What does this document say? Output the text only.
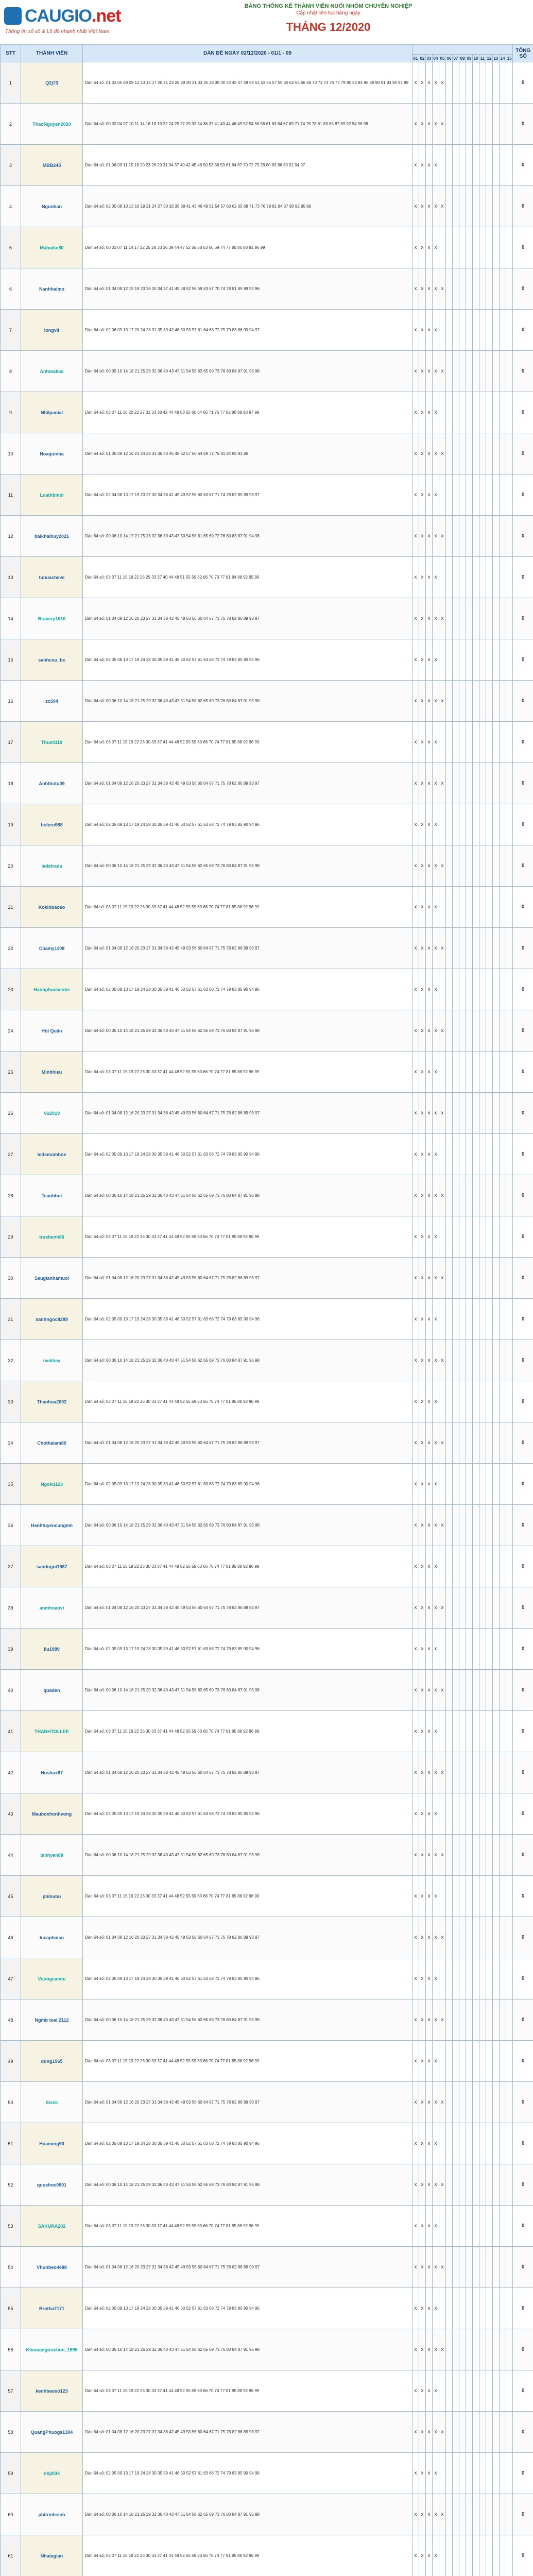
CAUGIO.net
Thông tin xổ số & Lô đề nhanh nhất Việt Nam
BẢNG THỐNG KÊ THÀNH VIÊN NUÔI NHÓM CHUYÊN NGHIỆP
Cập nhật liên tục hàng ngày
THÁNG 12/2020
STT	THÀNH VIÊN	DÀN ĐỀ NGÀY 02/12/2020 - 01/1 - 09																TỔNG SỐ
			01	02	03	04	05	06	07	08	09	10	11	12	13	14	15	
1	Q2j73	Dàn 64 số: 01 03 05 08 09 12 13 15 17 20 21 23 26 28 30 31 33 35 38 39 40 42 45 47 48 50 51 53 55 57 59 60 62 65 66 68 70 72 73 75 77 79 80 82 84 86 88 90 91 93 95 97 99	x	x	x	x	x											0
2	ThaoNguyen2020	Dàn 64 số: 00 02 04 07 10 11 14 16 18 19 22 24 25 27 29 32 34 36 37 41 43 44 46 49 52 54 56 58 61 63 64 67 69 71 74 76 78 81 83 85 87 89 92 94 96 98	x	x	x	x	x											0
3	MBB245	Dàn 64 số: 01 06 09 11 15 18 20 23 26 29 31 34 37 40 42 45 48 50 53 56 59 61 64 67 70 72 75 78 80 83 86 89 91 94 97	x	x	x	x												0
4	Ngunhan	Dàn 64 số: 02 05 08 10 13 16 19 21 24 27 30 32 35 38 41 43 46 49 51 54 57 60 62 65 68 71 73 76 79 81 84 87 90 92 95 98	x	x	x	x	x											0
5	Mabuike80	Dàn 64 số: 00 03 07 11 14 17 22 25 28 33 36 39 44 47 52 55 58 63 66 69 74 77 80 85 88 91 96 99	x	x	x	x												0
6	Nanhhaimo	Dàn 64 số: 01 04 08 12 15 19 23 26 30 34 37 41 45 48 52 56 59 63 67 70 74 78 81 85 89 92 96	x	x	x	x	x											0
7	longvit	Dàn 64 số: 02 06 09 13 17 20 24 28 31 35 39 42 46 50 53 57 61 64 68 72 75 79 83 86 90 94 97	x	x	x	x												0
8	Anhmatkai	Dàn 64 số: 00 05 10 14 18 21 25 29 32 36 40 43 47 51 54 58 62 65 69 73 76 80 84 87 91 95 98	x	x	x	x	x											0
9	Nhilpanial	Dàn 64 số: 03 07 11 16 20 22 27 31 33 38 42 44 49 53 55 60 64 66 71 75 77 82 86 88 93 97 99	x	x	x	x												0
10	Hoaquinha	Dàn 64 số: 01 05 09 12 16 21 24 28 33 36 40 45 48 52 57 60 64 69 72 76 81 84 88 93 96	x	x	x	x	x											0
11	Luathbinol	Dàn 64 số: 02 04 08 13 17 19 23 27 30 34 38 41 45 49 52 56 60 63 67 71 74 78 82 85 89 93 97	x	x	x	x												0
12	baikhaihuy2021	Dàn 64 số: 00 06 10 14 17 21 25 28 32 36 39 43 47 50 54 58 61 65 69 72 76 80 83 87 91 94 98	x	x	x	x	x											0
13	tunuacheve	Dàn 64 số: 03 07 11 15 18 22 26 29 33 37 40 44 48 51 55 59 62 66 70 73 77 81 84 88 92 95 99	x	x	x	x												0
14	Bravery1510	Dàn 64 số: 01 04 09 12 16 20 23 27 31 34 38 42 45 49 53 56 60 64 67 71 75 78 82 86 89 93 97	x	x	x	x	x											0
15	sanhcuu_bc	Dàn 64 số: 02 05 08 13 17 19 24 28 30 35 39 41 46 50 52 57 61 63 68 72 74 79 83 85 90 94 96	x	x	x	x												0
16	zc694	Dàn 64 số: 00 06 10 14 18 21 25 29 32 36 40 43 47 51 54 58 62 65 69 73 76 80 84 87 91 95 98	x	x	x	x	x											0
17	Thue0119	Dàn 64 số: 03 07 11 15 19 22 26 30 33 37 41 44 48 52 55 59 63 66 70 74 77 81 85 88 92 96 99	x	x	x	x												0
18	Anhthotu09	Dàn 64 số: 01 04 08 12 16 20 23 27 31 34 38 42 45 49 53 56 60 64 67 71 75 78 82 86 89 93 97	x	x	x	x	x											0
19	bolero988	Dàn 64 số: 02 05 09 13 17 19 24 28 30 35 39 41 46 50 52 57 61 63 68 72 74 79 83 85 90 94 96	x	x	x	x												0
20	ladetrada	Dàn 64 số: 00 06 10 14 18 21 25 29 32 36 40 43 47 51 54 58 62 65 69 73 76 80 84 87 91 95 98	x	x	x	x	x											0
21	Kokinbaoso	Dàn 64 số: 03 07 11 15 19 22 26 30 33 37 41 44 48 52 55 59 63 66 70 74 77 81 85 88 92 96 99	x	x	x	x												0
22	Chamy1108	Dàn 64 số: 01 04 08 12 16 20 23 27 31 34 38 42 45 49 53 56 60 64 67 71 75 78 82 86 89 93 97	x	x	x	x	x											0
23	Hanhphucbenhe	Dàn 64 số: 02 05 09 13 17 19 24 28 30 35 39 41 46 50 52 57 61 63 68 72 74 79 83 85 90 94 96	x	x	x	x												0
24	Hồi Quân	Dàn 64 số: 00 06 10 14 18 21 25 29 32 36 40 43 47 51 54 58 62 65 69 73 76 80 84 87 91 95 98	x	x	x	x	x											0
25	Minhhieu	Dàn 64 số: 03 07 11 15 19 22 26 30 33 37 41 44 48 52 55 59 63 66 70 74 77 81 85 88 92 96 99	x	x	x	x												0
26	Vu2019	Dàn 64 số: 01 04 08 12 16 20 23 27 31 34 38 42 45 49 53 56 60 64 67 71 75 78 82 86 89 93 97	x	x	x	x	x											0
27	tedsmomboe	Dàn 64 số: 02 05 09 13 17 19 24 28 30 35 39 41 46 50 52 57 61 63 68 72 74 79 83 85 90 94 96	x	x	x	x												0
28	Teanhhoi	Dàn 64 số: 00 06 10 14 18 21 25 29 32 36 40 43 47 51 54 58 62 65 69 73 76 80 84 87 91 95 98	x	x	x	x	x											0
29	truebenh86	Dàn 64 số: 03 07 11 15 19 22 26 30 33 37 41 44 48 52 55 59 63 66 70 74 77 81 85 88 92 96 99	x	x	x	x												0
30	Saugianhamuoi	Dàn 64 số: 01 04 08 12 16 20 23 27 31 34 38 42 45 49 53 56 60 64 67 71 75 78 82 86 89 93 97	x	x	x	x	x											0
31	sanhngoc8289	Dàn 64 số: 02 05 09 13 17 19 24 28 30 35 39 41 46 50 52 57 61 63 68 72 74 79 83 85 90 94 96	x	x	x	x												0
32	mekhay	Dàn 64 số: 00 06 10 14 18 21 25 29 32 36 40 43 47 51 54 58 62 65 69 73 76 80 84 87 91 95 98	x	x	x	x	x											0
33	Thanhoa2002	Dàn 64 số: 03 07 11 15 19 22 26 30 33 37 41 44 48 52 55 59 63 66 70 74 77 81 85 88 92 96 99	x	x	x	x												0
34	Chothalam80	Dàn 64 số: 01 04 08 12 16 20 23 27 31 34 38 42 45 49 53 56 60 64 67 71 75 78 82 86 89 93 97	x	x	x	x	x											0
35	Ngoku123	Dàn 64 số: 02 05 09 13 17 19 24 28 30 35 39 41 46 50 52 57 61 63 68 72 74 79 83 85 90 94 96	x	x	x	x												0
36	Hanhtuyencungem	Dàn 64 số: 00 06 10 14 18 21 25 29 32 36 40 43 47 51 54 58 62 65 69 73 76 80 84 87 91 95 98	x	x	x	x	x											0
37	sandugni1987	Dàn 64 số: 03 07 11 15 19 22 26 30 33 37 41 44 48 52 55 59 63 66 70 74 77 81 85 88 92 96 99	x	x	x	x												0
38	anmhoaovi	Dàn 64 số: 01 04 08 12 16 20 23 27 31 34 38 42 45 49 53 56 60 64 67 71 75 78 82 86 89 93 97	x	x	x	x	x											0
39	Ilu1989	Dàn 64 số: 02 05 09 13 17 19 24 28 30 35 39 41 46 50 52 57 61 63 68 72 74 79 83 85 90 94 96	x	x	x	x												0
40	quaden	Dàn 64 số: 00 06 10 14 18 21 25 29 32 36 40 43 47 51 54 58 62 65 69 73 76 80 84 87 91 95 98	x	x	x	x	x											0
41	THANHTOLLEE	Dàn 64 số: 03 07 11 15 19 22 26 30 33 37 41 44 48 52 55 59 63 66 70 74 77 81 85 88 92 96 99	x	x	x	x												0
42	Hoshox87	Dàn 64 số: 01 04 08 12 16 20 23 27 31 34 38 42 45 49 53 56 60 64 67 71 75 78 82 86 89 93 97	x	x	x	x	x											0
43	Mauboxhonhvong	Dàn 64 số: 02 05 09 13 17 19 24 28 30 35 39 41 46 50 52 57 61 63 68 72 74 79 83 85 90 94 96	x	x	x	x												0
44	binhyen88	Dàn 64 số: 00 06 10 14 18 21 25 29 32 36 40 43 47 51 54 58 62 65 69 73 76 80 84 87 91 95 98	x	x	x	x	x											0
45	phinubu	Dàn 64 số: 03 07 11 15 19 22 26 30 33 37 41 44 48 52 55 59 63 66 70 74 77 81 85 88 92 96 99	x	x	x	x												0
46	lucaphaiso	Dàn 64 số: 01 04 08 12 16 20 23 27 31 34 38 42 45 49 53 56 60 64 67 71 75 78 82 86 89 93 97	x	x	x	x	x											0
47	Vuongcamtu	Dàn 64 số: 02 05 09 13 17 19 24 28 30 35 39 41 46 50 52 57 61 63 68 72 74 79 83 85 90 94 96	x	x	x	x												0
48	Ngmb toai 2112	Dàn 64 số: 00 06 10 14 18 21 25 29 32 36 40 43 47 51 54 58 62 65 69 73 76 80 84 87 91 95 98	x	x	x	x	x											0
49	dung1965	Dàn 64 số: 03 07 11 15 19 22 26 30 33 37 41 44 48 52 55 59 63 66 70 74 77 81 85 88 92 96 99	x	x	x	x												0
50	Sissk	Dàn 64 số: 01 04 08 12 16 20 23 27 31 34 38 42 45 49 53 56 60 64 67 71 75 78 82 86 89 93 97	x	x	x	x	x											0
51	Hoanvng90	Dàn 64 số: 02 05 09 13 17 19 24 28 30 35 39 41 46 50 52 57 61 63 68 72 74 79 83 85 90 94 96	x	x	x	x												0
52	quoxhoc0901	Dàn 64 số: 00 06 10 14 18 21 25 29 32 36 40 43 47 51 54 58 62 65 69 73 76 80 84 87 91 95 98	x	x	x	x	x											0
53	SAKURA202	Dàn 64 số: 03 07 11 15 19 22 26 30 33 37 41 44 48 52 55 59 63 66 70 74 77 81 85 88 92 96 99	x	x	x	x												0
54	Vhunbeo4488	Dàn 64 số: 01 04 08 12 16 20 23 27 31 34 38 42 45 49 53 56 60 64 67 71 75 78 82 86 89 93 97	x	x	x	x	x											0
55	Brotha7171	Dàn 64 số: 02 05 09 13 17 19 24 28 30 35 39 41 46 50 52 57 61 63 68 72 74 79 83 85 90 94 96	x	x	x	x												0
56	Khomangtrochon_1999	Dàn 64 số: 00 06 10 14 18 21 25 29 32 36 40 43 47 51 54 58 62 65 69 73 76 80 84 87 91 95 98	x	x	x	x	x											0
57	kenhbaoso123	Dàn 64 số: 03 07 11 15 19 22 26 30 33 37 41 44 48 52 55 59 63 66 70 74 77 81 85 88 92 96 99	x	x	x	x												0
58	QuangPhuogs1304	Dàn 64 số: 01 04 08 12 16 20 23 27 31 34 38 42 45 49 53 56 60 64 67 71 75 78 82 86 89 93 97	x	x	x	x	x											0
59	nhji034	Dàn 64 số: 02 05 09 13 17 19 24 28 30 35 39 41 46 50 52 57 61 63 68 72 74 79 83 85 90 94 96	x	x	x	x												0
60	phitrinhsinh	Dàn 64 số: 00 06 10 14 18 21 25 29 32 36 40 43 47 51 54 58 62 65 69 73 76 80 84 87 91 95 98	x	x	x	x	x											0
61	Nhatagian	Dàn 64 số: 03 07 11 15 19 22 26 30 33 37 41 44 48 52 55 59 63 66 70 74 77 81 85 88 92 96 99	x	x	x	x												0
